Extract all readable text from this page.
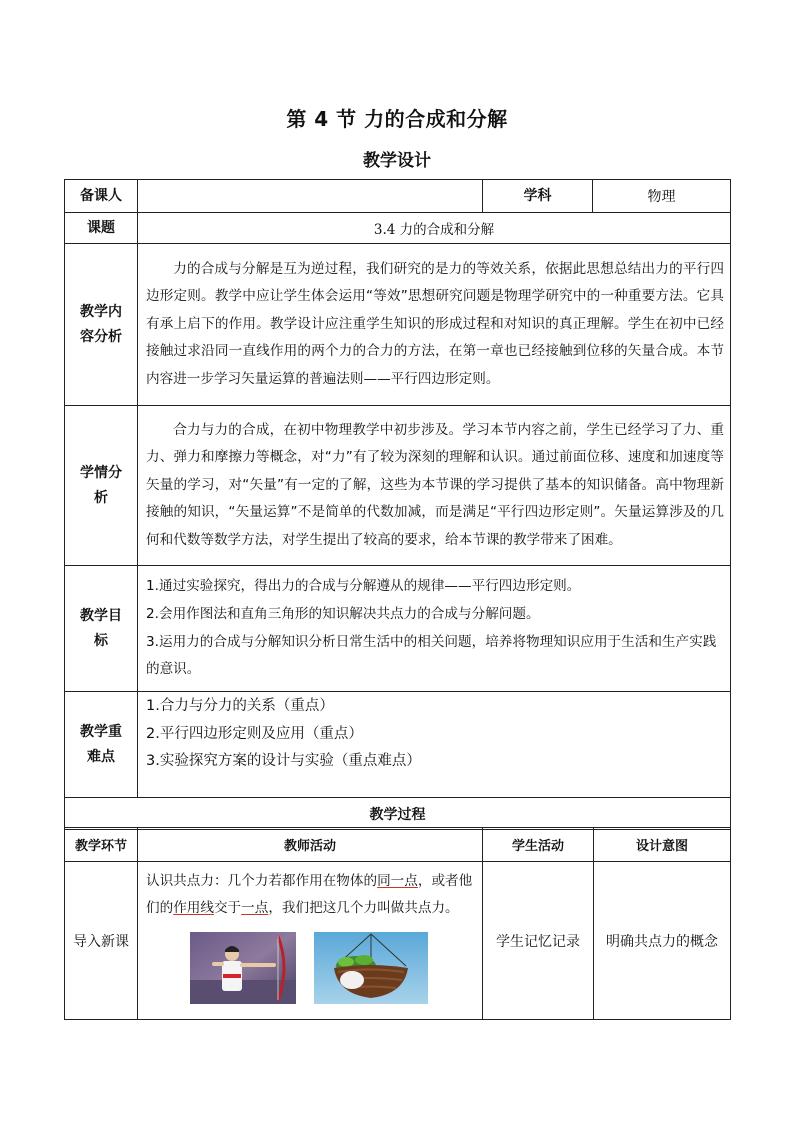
第 4 节 力的合成和分解
教学设计
备课人		学科	物理
课题	3.4 力的合成和分解		

教学内
容分析	力的合成与分解是互为逆过程，我们研究的是力的等效关系，依据此思想总结出力的平行四边形定则。教学中应让学生体会运用“等效”思想研究问题是物理学研究中的一种重要方法。它具有承上启下的作用。教学设计应注重学生知识的形成过程和对知识的真正理解。学生在初中已经接触过求沿同一直线作用的两个力的合力的方法，在第一章也已经接触到位移的矢量合成。本节内容进一步学习矢量运算的普遍法则——平行四边形定则。		

学情分
析	合力与力的合成，在初中物理教学中初步涉及。学习本节内容之前，学生已经学习了力、重力、弹力和摩擦力等概念，对“力”有了较为深刻的理解和认识。通过前面位移、速度和加速度等矢量的学习，对“矢量”有一定的了解，这些为本节课的学习提供了基本的知识储备。高中物理新接触的知识，“矢量运算”不是简单的代数加减，而是满足“平行四边形定则”。矢量运算涉及的几何和代数等数学方法，对学生提出了较高的要求，给本节课的教学带来了困难。		

教学目
标	1.通过实验探究，得出力的合成与分解遵从的规律——平行四边形定则。
2.会用作图法和直角三角形的知识解决共点力的合成与分解问题。
3.运用力的合成与分解知识分析日常生活中的相关问题，培养将物理知识应用于生活和生产实践的意识。		

教学重
难点	1.合力与分力的关系（重点）
2.平行四边形定则及应用（重点）
3.实验探究方案的设计与实验（重点难点）		

教学过程			
教学环节	教师活动	学生活动	设计意图
导入新课	认识共点力：几个力若都作用在物体的同一点，或者他们的作用线交于一点，我们把这几个力叫做共点力。	学生记忆记录	明确共点力的概念
